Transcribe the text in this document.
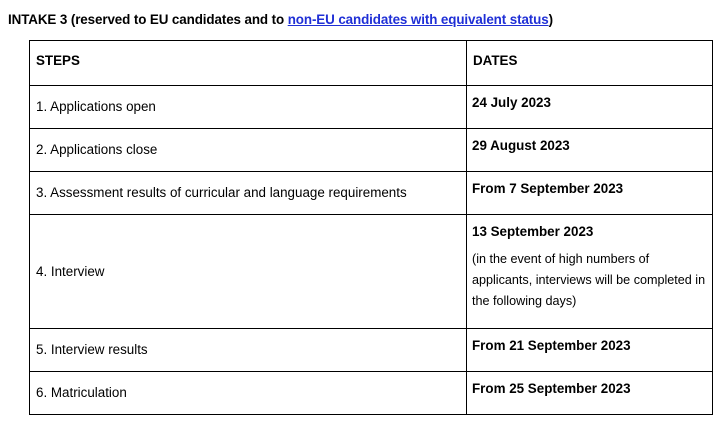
INTAKE 3 (reserved to EU candidates and to non-EU candidates with equivalent status)
STEPS	DATES
1. Applications open	24 July 2023
2. Applications close	29 August 2023
3. Assessment results of curricular and language requirements	From 7 September 2023
4. Interview	13 September 2023
(in the event of high numbers of applicants, interviews will be completed in the following days)

5. Interview results	From 21 September 2023
6. Matriculation	From 25 September 2023
